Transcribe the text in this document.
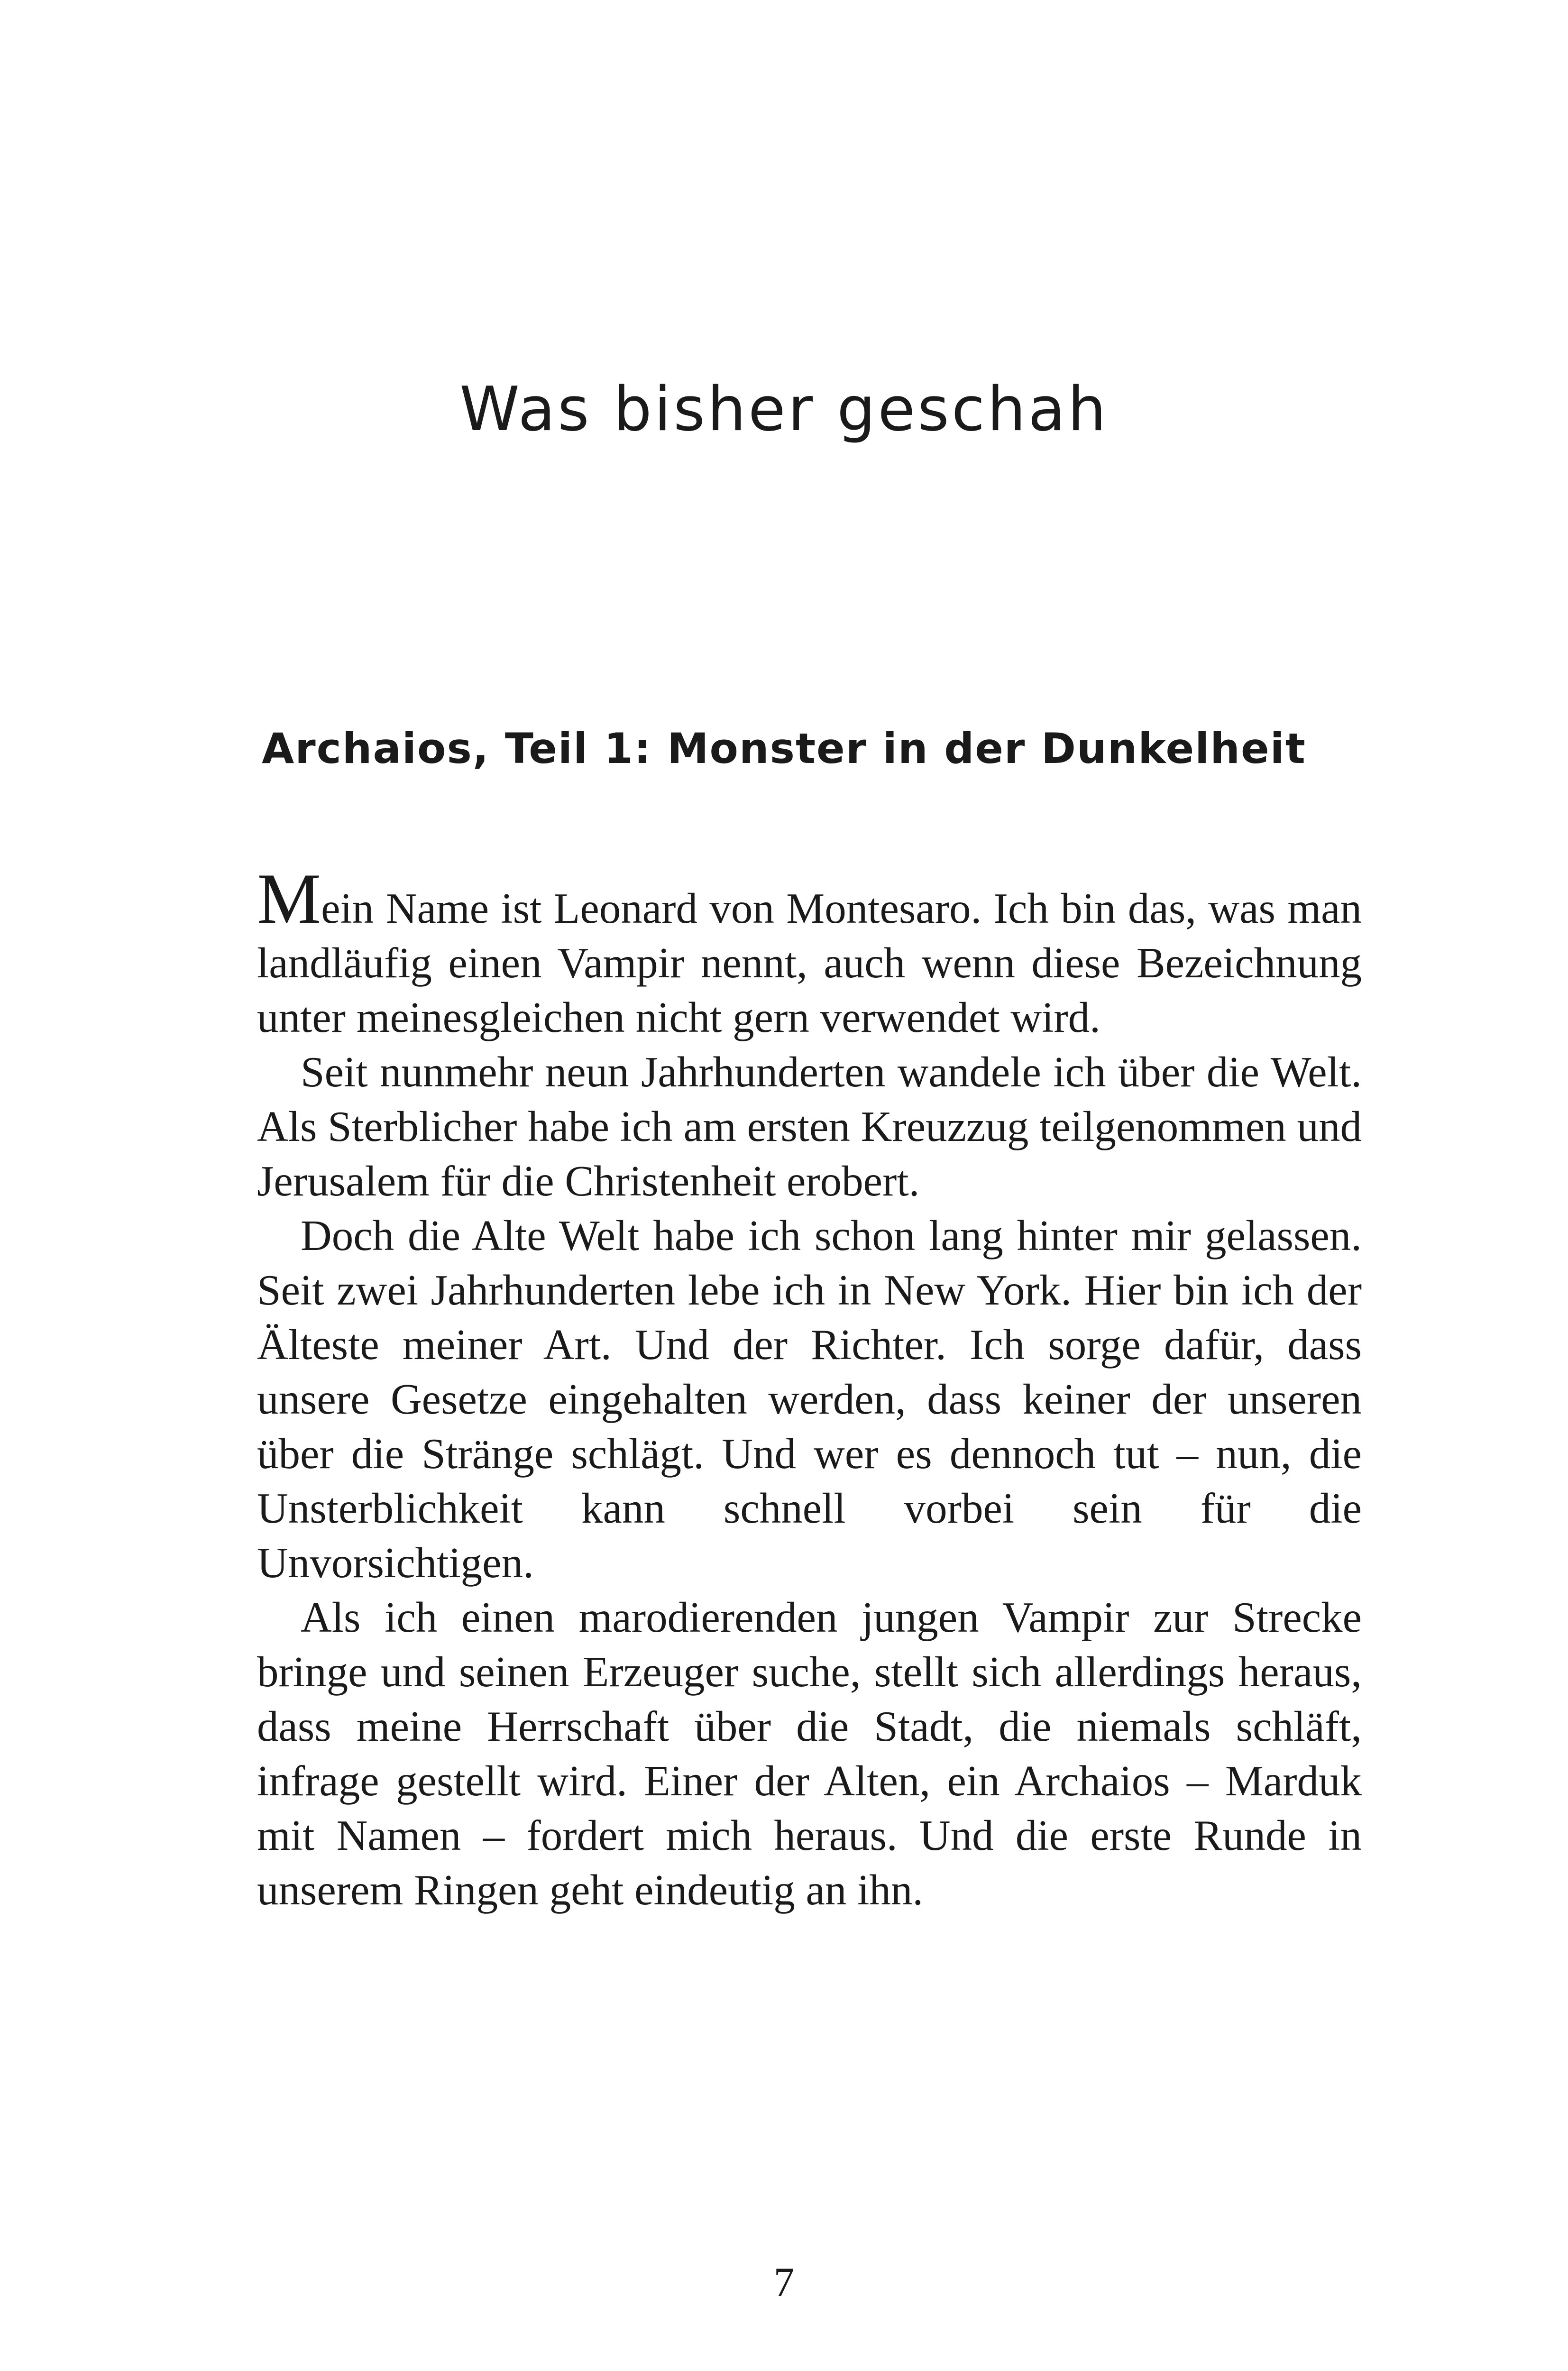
Was bisher geschah
Archaios, Teil 1: Monster in der Dunkelheit

Mein Name ist Leonard von Montesaro. Ich bin das, was man landläufig einen Vampir nennt, auch wenn diese Bezeichnung unter meinesgleichen nicht gern verwendet wird.

Seit nunmehr neun Jahrhunderten wandele ich über die Welt. Als Sterblicher habe ich am ersten Kreuzzug teilgenommen und Jerusalem für die Christenheit erobert.

Doch die Alte Welt habe ich schon lang hinter mir gelassen. Seit zwei Jahrhunderten lebe ich in New York. Hier bin ich der Älteste meiner Art. Und der Richter. Ich sorge dafür, dass unsere Gesetze eingehalten werden, dass keiner der unseren über die Stränge schlägt. Und wer es dennoch tut – nun, die Unsterblichkeit kann schnell vorbei sein für die Unvorsichtigen.

Als ich einen marodierenden jungen Vampir zur Strecke bringe und seinen Erzeuger suche, stellt sich allerdings heraus, dass meine Herrschaft über die Stadt, die niemals schläft, infrage gestellt wird. Einer der Alten, ein Archaios – Marduk mit Namen – fordert mich heraus. Und die erste Runde in unserem Ringen geht eindeutig an ihn.

7
